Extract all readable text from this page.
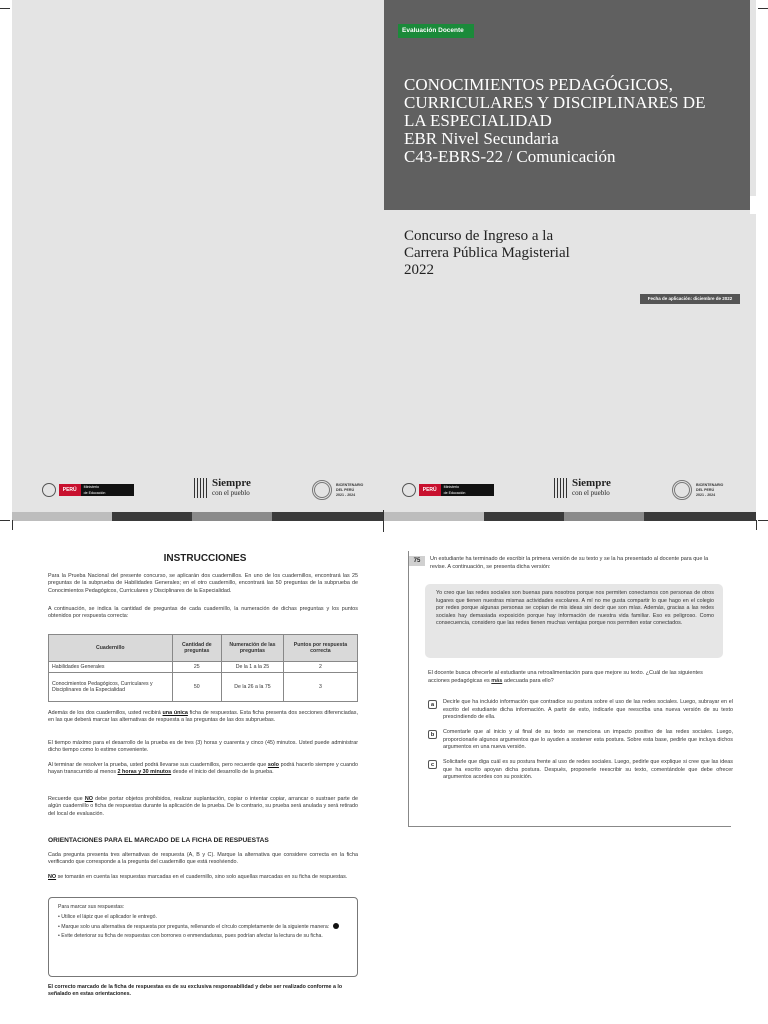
Evaluación Docente
CONOCIMIENTOS PEDAGÓGICOS,
CURRICULARES Y DISCIPLINARES DE
LA ESPECIALIDAD
EBR Nivel Secundaria
C43-EBRS-22 / Comunicación
Concurso de Ingreso a la
Carrera Pública Magisterial
2022
Fecha de aplicación: diciembre de 2022
PERÚ	Ministerio
de Educación
Siempre
con el pueblo
BICENTENARIO
DEL PERÚ
2021 - 2024
PERÚ	Ministerio
de Educación
Siempre
con el pueblo
BICENTENARIO
DEL PERÚ
2021 - 2024
INSTRUCCIONES
Para la Prueba Nacional del presente concurso, se aplicarán dos cuadernillos. En uno de los cuadernillos, encontrará las 25 preguntas de la subprueba de Habilidades Generales; en el otro cuadernillo, encontrará las 50 preguntas de la subprueba de Conocimientos Pedagógicos, Curriculares y Disciplinares de la Especialidad.
A continuación, se indica la cantidad de preguntas de cada cuadernillo, la numeración de dichas preguntas y los puntos obtenidos por respuesta correcta:
Cuadernillo	Cantidad de preguntas	Numeración de las preguntas	Puntos por respuesta correcta
Habilidades Generales	25	De la 1 a la 25	2
Conocimientos Pedagógicos, Curriculares y Disciplinares de la Especialidad	50	De la 26 a la 75	3
Además de los dos cuadernillos, usted recibirá una única ficha de respuestas. Esta ficha presenta dos secciones diferenciadas, en las que deberá marcar las alternativas de respuesta a las preguntas de las dos subpruebas.
El tiempo máximo para el desarrollo de la prueba es de tres (3) horas y cuarenta y cinco (45) minutos. Usted puede administrar dicho tiempo como lo estime conveniente.
Al terminar de resolver la prueba, usted podrá llevarse sus cuadernillos, pero recuerde que solo podrá hacerlo siempre y cuando hayan transcurrido al menos 2 horas y 30 minutos desde el inicio del desarrollo de la prueba.
Recuerde que NO debe portar objetos prohibidos, realizar suplantación, copiar o intentar copiar, arrancar o sustraer parte de algún cuadernillo o ficha de respuestas durante la aplicación de la prueba. De lo contrario, su prueba será anulada y será retirado del local de evaluación.
ORIENTACIONES PARA EL MARCADO DE LA FICHA DE RESPUESTAS
Cada pregunta presenta tres alternativas de respuesta (A, B y C). Marque la alternativa que considere correcta en la ficha verificando que corresponde a la pregunta del cuadernillo que está resolviendo.
NO se tomarán en cuenta las respuestas marcadas en el cuadernillo, sino solo aquellas marcadas en su ficha de respuestas.
Para marcar sus respuestas:
• Utilice el lápiz que el aplicador le entregó.
• Marque solo una alternativa de respuesta por pregunta, rellenando el círculo completamente de la siguiente manera:
• Evite deteriorar su ficha de respuestas con borrones o enmendaduras, pues podrían afectar la lectura de su ficha.
El correcto marcado de la ficha de respuestas es de su exclusiva responsabilidad y debe ser realizado conforme a lo señalado en estas orientaciones.
75	Un estudiante ha terminado de escribir la primera versión de su texto y se la ha presentado al docente para que la revise. A continuación, se presenta dicha versión:
Yo creo que las redes sociales son buenas para nosotros porque nos permiten conectarnos con personas de otros lugares que tienen nuestras mismas actividades escolares. A mí no me gusta compartir lo que hago en el colegio por redes porque algunas personas se copian de mis ideas sin decir que son mías. Además, gracias a las redes sociales hay demasiada exposición porque hay información de nuestra vida familiar. Eso es peligroso. Como consecuencia, considero que las redes tienen muchas ventajas porque nos permiten estar conectados.
El docente busca ofrecerle al estudiante una retroalimentación para que mejore su texto. ¿Cuál de las siguientes acciones pedagógicas es más adecuada para ello?
a	Decirle que ha incluido información que contradice su postura sobre el uso de las redes sociales. Luego, subrayar en el escrito del estudiante dicha información. A partir de esto, indicarle que reescriba una nueva versión de su texto prescindiendo de ella.
b	Comentarle que al inicio y al final de su texto se menciona un impacto positivo de las redes sociales. Luego, proporcionarle algunos argumentos que lo ayuden a sostener esta postura. Sobre esta base, pedirle que incluya dichos argumentos en una nueva versión.
c	Solicitarle que diga cuál es su postura frente al uso de redes sociales. Luego, pedirle que explique si cree que las ideas que ha escrito apoyan dicha postura. Después, proponerle reescribir su texto, comentándole que debe ofrecer argumentos acordes con su posición.
